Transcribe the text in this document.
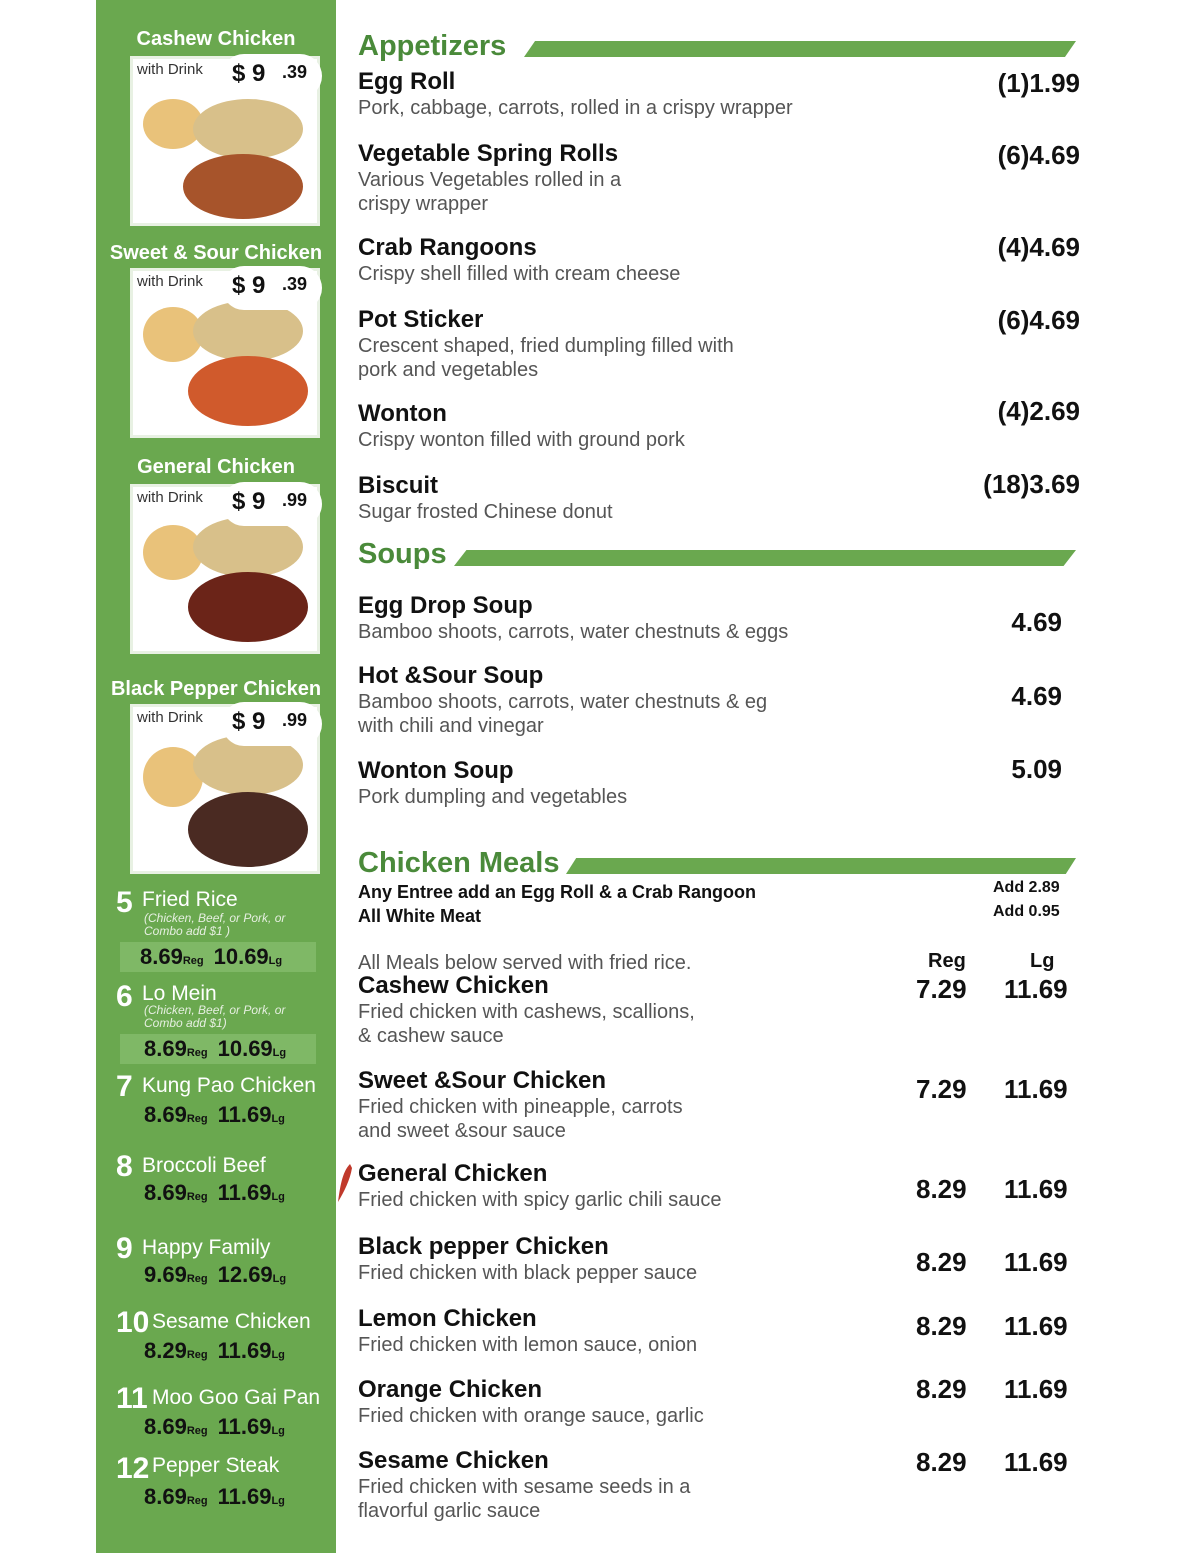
Cashew Chicken
with Drink
1
$ 9 .39
Sweet & Sour Chicken
with Drink
2
$ 9 .39
General Chicken
with Drink
3
$ 9 .99
Black Pepper Chicken
with Drink
4
$ 9 .99
5 Fried Rice
(Chicken, Beef, or Pork, or Combo add $1 )
8.69Reg 10.69Lg
6 Lo Mein
(Chicken, Beef, or Pork, or Combo add $1)
8.69Reg 10.69Lg
7 Kung Pao Chicken
8.69Reg 11.69Lg
8 Broccoli Beef
8.69Reg 11.69Lg
9 Happy Family
9.69Reg 12.69Lg
10 Sesame Chicken
8.29Reg 11.69Lg
11 Moo Goo Gai Pan
8.69Reg 11.69Lg
12 Pepper Steak
8.69Reg 11.69Lg
Appetizers
Egg Roll
Pork, cabbage, carrots, rolled in a crispy wrapper
(1)1.99
Vegetable Spring Rolls
Various Vegetables rolled in a
crispy wrapper
(6)4.69
Crab Rangoons
Crispy shell filled with cream cheese
(4)4.69
Pot Sticker
Crescent shaped, fried dumpling filled with
pork and vegetables
(6)4.69
Wonton
Crispy wonton filled with ground pork
(4)2.69
Biscuit
Sugar frosted Chinese donut
(18)3.69
Soups
Egg Drop Soup
Bamboo shoots, carrots, water chestnuts & eggs	4.69
Hot &Sour Soup
Bamboo shoots, carrots, water chestnuts & eg
with chili and vinegar
4.69
Wonton Soup
Pork dumpling and vegetables
5.09
Chicken Meals
Any Entree add an Egg Roll & a Crab Rangoon
All White Meat
Add 2.89
Add 0.95
All Meals below served with fried rice.	Reg	Lg
Cashew Chicken
Fried chicken with cashews, scallions,
& cashew sauce
7.29 11.69
Sweet &Sour Chicken
Fried chicken with pineapple, carrots
and sweet &sour sauce
7.29 11.69
General Chicken
Fried chicken with spicy garlic chili sauce	8.29 11.69
Black pepper Chicken
Fried chicken with black pepper sauce	8.29 11.69
Lemon Chicken
Fried chicken with lemon sauce, onion
8.29 11.69
Orange Chicken
Fried chicken with orange sauce, garlic
8.29 11.69
Sesame Chicken
Fried chicken with sesame seeds in a
flavorful garlic sauce
8.29 11.69
